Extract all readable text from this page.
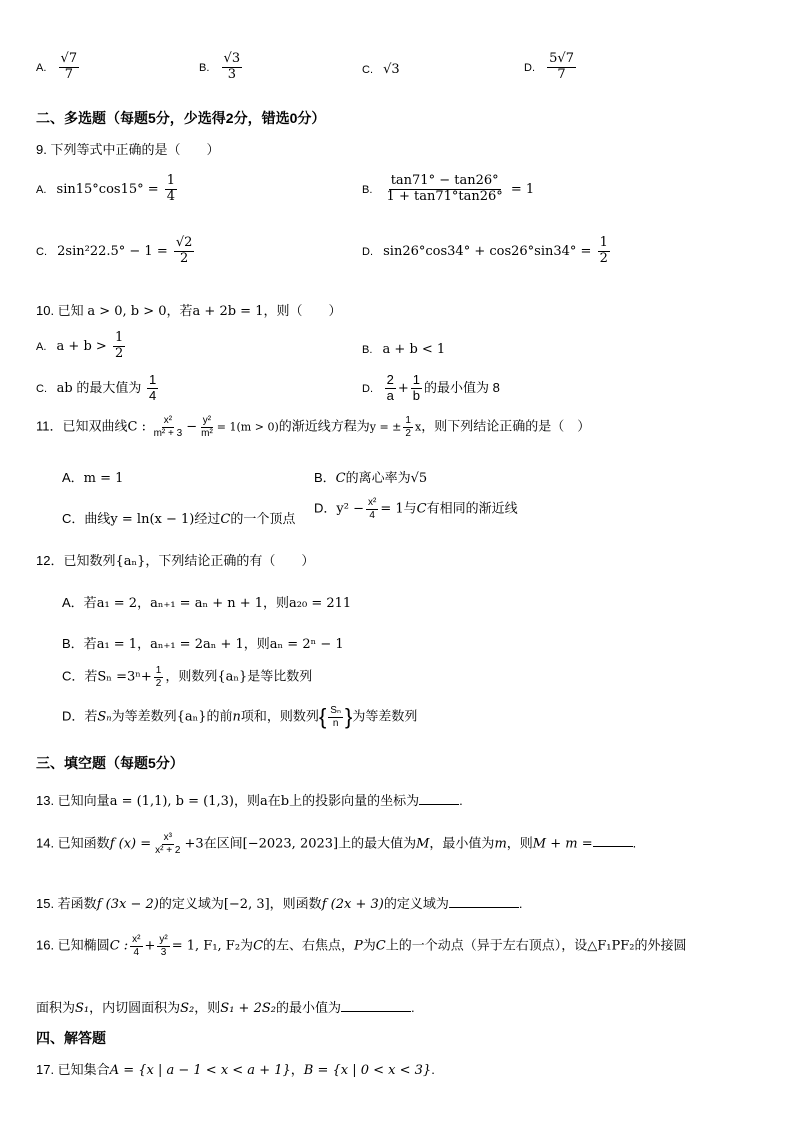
A. $\frac{√7}{7}$	B. $\frac{√3}{3}$	C. √3	D. $\frac{5√7}{7}$
二、多选题（每题5分，少选得2分，错选0分）
9. 下列等式中正确的是（　　）
A. $\sin 15^\circ\cos 15^\circ = \frac{1}{4}$	B. $\frac{\tan 71^\circ - \tan 26^\circ}{1 + \tan 71^\circ\tan 26^\circ} = 1$
C. $2\sin^222.5^\circ - 1 = \frac{√2}{2}$	D. $\sin 26^\circ\cos 34^\circ + \cos 26^\circ\sin 34^\circ = \frac{1}{2}$
10. 已知 a > 0, b > 0，若a + 2b = 1，则（　　）
A. $a + b > \frac{1}{2}$	B. a + b < 1
C. ab 的最大值为 $\frac{1}{4}$	D. $\frac{2}{a} + \frac{1}{b}$ 的最小值为 8
11．已知双曲线C : $\frac{\text{x²}}{\text{m² + 3}} - \frac{\text{y²}}{\text{m²}} = 1(m > 0)$的渐近线方程为y = ± $\frac{1}{2}$ x，则下列结论正确的是（　）
A．m = 1	B．C的离心率为√5
C．曲线y = ln(x − 1)经过C的一个顶点
D．$y^2 - \frac{\text{x²}}{4} = 1$与C有相同的渐近线
12．已知数列{aₙ}，下列结论正确的有（　　）
A．若a₁ = 2，aₙ₊₁ = aₙ + n + 1，则a₂₀ = 211
B．若a₁ = 1，aₙ₊₁ = 2aₙ + 1，则aₙ = 2ⁿ − 1
C．若$S_n =3^n+ \frac{1}{2}$ ，则数列{aₙ}是等比数列
D．若Sₙ为等差数列{aₙ}的前n项和，则数列{ $\frac{\text{Sₙ}}{n}$ }为等差数列
三、填空题（每题5分）
13. 已知向量a = (1,1), b = (1,3)，则a在b上的投影向量的坐标为	.
14. 已知函数f $(x) = \frac{\text{x³}}{\text{x² + 2}} +3$在区间[−2023, 2023]上的最大值为M，最小值为m，则M + m =	.
15. 若函数f (3x − 2)的定义域为[−2, 3]，则函数f (2x + 3)的定义域为	.
16. 已知椭圆C : $\frac{\text{x²}}{4} + \frac{\text{y²}}{3} = 1$, F₁, F₂为C的左、右焦点，P为C上的一个动点（异于左右顶点），设△F₁PF₂的外接圆
面积为S₁，内切圆面积为S₂，则S₁ + 2S₂的最小值为	.
四、解答题
17. 已知集合A = {x | a − 1 < x < a + 1}，B = {x | 0 < x < 3}.
